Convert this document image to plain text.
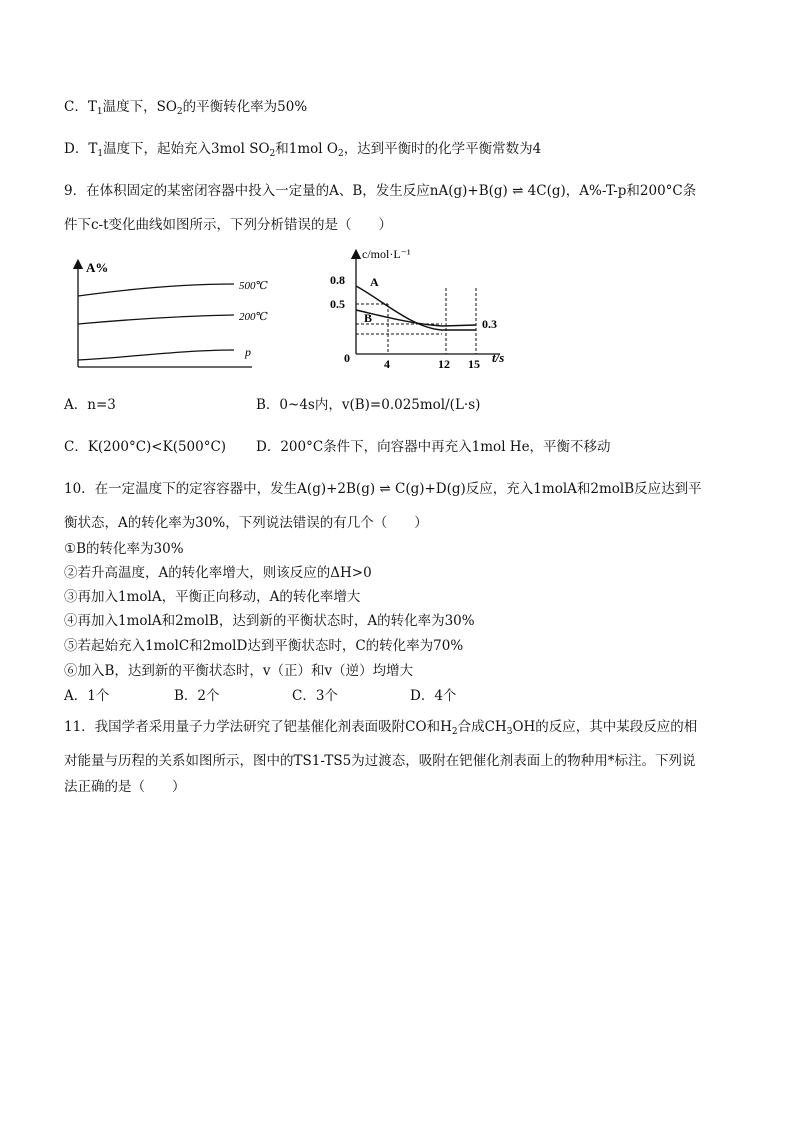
C．$T_1$温度下，$SO_2$的平衡转化率为50%
D．$T_1$温度下，起始充入3mol $SO_2$和1mol $O_2$，达到平衡时的化学平衡常数为4
9．在体积固定的某密闭容器中投入一定量的A、B，发生反应nA(g)+B(g) ⇌ 4C(g)，A%-T-p和200°C条
件下c-t变化曲线如图所示，下列分析错误的是（　　）
A%
500℃
200℃
p
c/mol·L⁻¹
0.8
0.5
A
B	0.3
0	4	12 15 t/s
A．n=3	B．0~4s内，v(B)=0.025mol/(L·s)
C．K(200°C)<K(500°C) D．200°C条件下，向容器中再充入1mol He，平衡不移动
10．在一定温度下的定容容器中，发生A(g)+2B(g) ⇌ C(g)+D(g)反应，充入1molA和2molB反应达到平
衡状态，A的转化率为30%，下列说法错误的有几个（　　）
①B的转化率为30%
②若升高温度，A的转化率增大，则该反应的ΔH>0
③再加入1molA，平衡正向移动，A的转化率增大
④再加入1molA和2molB，达到新的平衡状态时，A的转化率为30%
⑤若起始充入1molC和2molD达到平衡状态时，C的转化率为70%
⑥加入B，达到新的平衡状态时，v（正）和v（逆）均增大
A．1个	B．2个	C．3个	D．4个
11．我国学者采用量子力学法研究了钯基催化剂表面吸附CO和$H_2$合成$CH_3OH$的反应，其中某段反应的相
对能量与历程的关系如图所示，图中的TS1-TS5为过渡态，吸附在钯催化剂表面上的物种用*标注。下列说
法正确的是（　　）
